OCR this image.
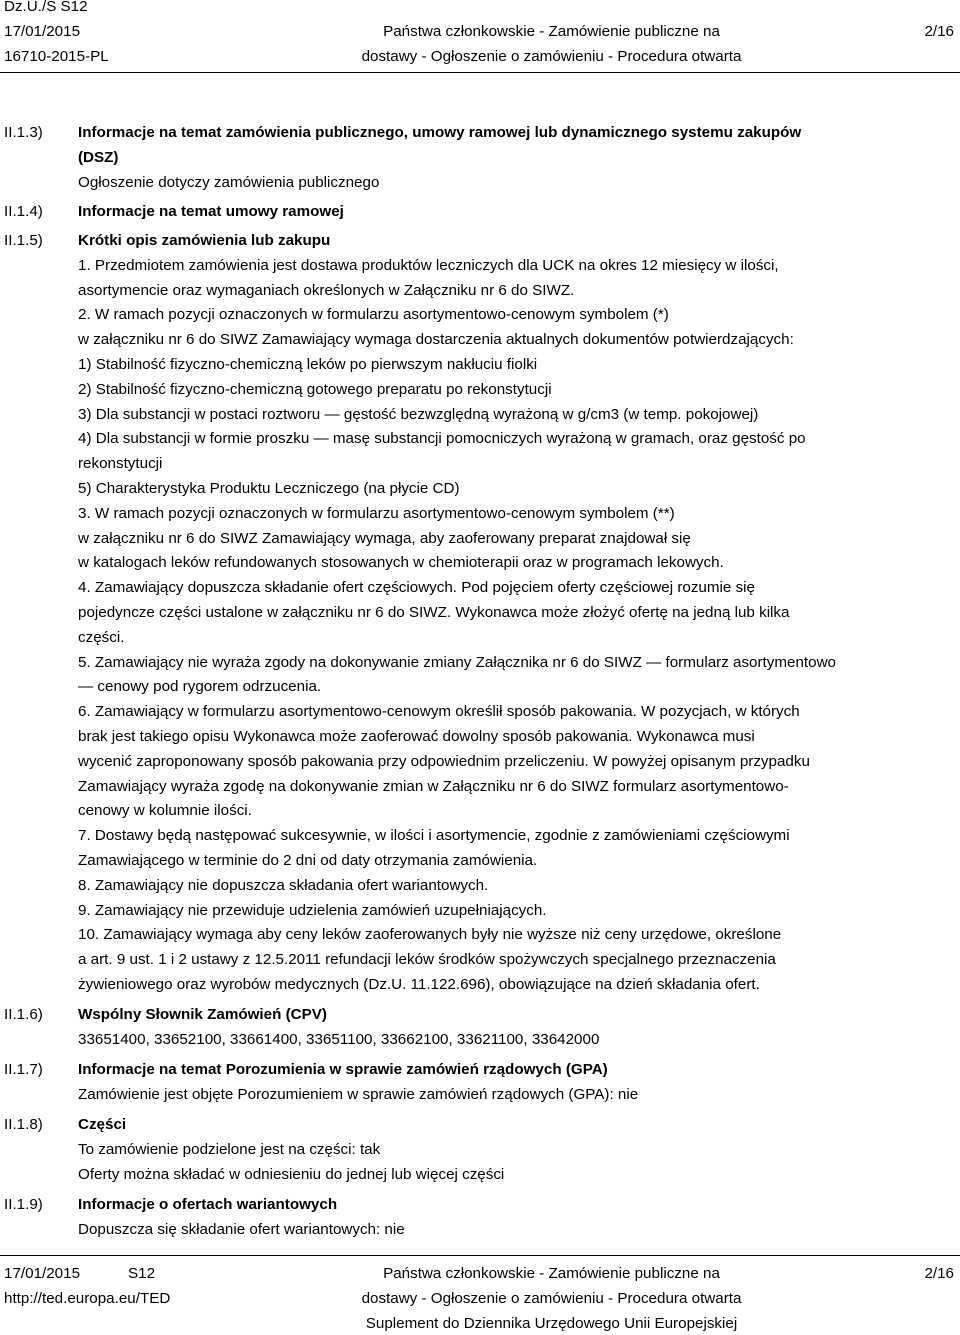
Dz.U./S S12
17/01/2015
16710-2015-PL
Państwa członkowskie - Zamówienie publiczne na
dostawy - Ogłoszenie o zamówieniu - Procedura otwarta
2/16
II.1.3)
II.1.4)
II.1.5)
II.1.6)
II.1.7)
II.1.8)
II.1.9)

Informacje na temat zamówienia publicznego, umowy ramowej lub dynamicznego systemu zakupów

(DSZ)

Ogłoszenie dotyczy zamówienia publicznego

Informacje na temat umowy ramowej

Krótki opis zamówienia lub zakupu

1. Przedmiotem zamówienia jest dostawa produktów leczniczych dla UCK na okres 12 miesięcy w ilości,

asortymencie oraz wymaganiach określonych w Załączniku nr 6 do SIWZ.

2. W ramach pozycji oznaczonych w formularzu asortymentowo-cenowym symbolem (*)

w załączniku nr 6 do SIWZ Zamawiający wymaga dostarczenia aktualnych dokumentów potwierdzających:

1) Stabilność fizyczno-chemiczną leków po pierwszym nakłuciu fiolki

2) Stabilność fizyczno-chemiczną gotowego preparatu po rekonstytucji

3) Dla substancji w postaci roztworu — gęstość bezwzględną wyrażoną w g/cm3 (w temp. pokojowej)

4) Dla substancji w formie proszku — masę substancji pomocniczych wyrażoną w gramach, oraz gęstość po

rekonstytucji

5) Charakterystyka Produktu Leczniczego (na płycie CD)

3. W ramach pozycji oznaczonych w formularzu asortymentowo-cenowym symbolem (**)

w załączniku nr 6 do SIWZ Zamawiający wymaga, aby zaoferowany preparat znajdował się

w katalogach leków refundowanych stosowanych w chemioterapii oraz w programach lekowych.

4. Zamawiający dopuszcza składanie ofert częściowych. Pod pojęciem oferty częściowej rozumie się

pojedyncze części ustalone w załączniku nr 6 do SIWZ. Wykonawca może złożyć ofertę na jedną lub kilka

części.

5. Zamawiający nie wyraża zgody na dokonywanie zmiany Załącznika nr 6 do SIWZ — formularz asortymentowo

— cenowy pod rygorem odrzucenia.

6. Zamawiający w formularzu asortymentowo-cenowym określił sposób pakowania. W pozycjach, w których

brak jest takiego opisu Wykonawca może zaoferować dowolny sposób pakowania. Wykonawca musi

wycenić zaproponowany sposób pakowania przy odpowiednim przeliczeniu. W powyżej opisanym przypadku

Zamawiający wyraża zgodę na dokonywanie zmian w Załączniku nr 6 do SIWZ formularz asortymentowo-

cenowy w kolumnie ilości.

7. Dostawy będą następować sukcesywnie, w ilości i asortymencie, zgodnie z zamówieniami częściowymi

Zamawiającego w terminie do 2 dni od daty otrzymania zamówienia.

8. Zamawiający nie dopuszcza składania ofert wariantowych.

9. Zamawiający nie przewiduje udzielenia zamówień uzupełniających.

10. Zamawiający wymaga aby ceny leków zaoferowanych były nie wyższe niż ceny urzędowe, określone

a art. 9 ust. 1 i 2 ustawy z 12.5.2011 refundacji leków środków spożywczych specjalnego przeznaczenia

żywieniowego oraz wyrobów medycznych (Dz.U. 11.122.696), obowiązujące na dzień składania ofert.

Wspólny Słownik Zamówień (CPV)

33651400, 33652100, 33661400, 33651100, 33662100, 33621100, 33642000

Informacje na temat Porozumienia w sprawie zamówień rządowych (GPA)

Zamówienie jest objęte Porozumieniem w sprawie zamówień rządowych (GPA): nie

Części

To zamówienie podzielone jest na części: tak

Oferty można składać w odniesieniu do jednej lub więcej części

Informacje o ofertach wariantowych

Dopuszcza się składanie ofert wariantowych: nie

17/01/2015	S12
http://ted.europa.eu/TED
Państwa członkowskie - Zamówienie publiczne na
dostawy - Ogłoszenie o zamówieniu - Procedura otwarta
Suplement do Dziennika Urzędowego Unii Europejskiej
2/16
